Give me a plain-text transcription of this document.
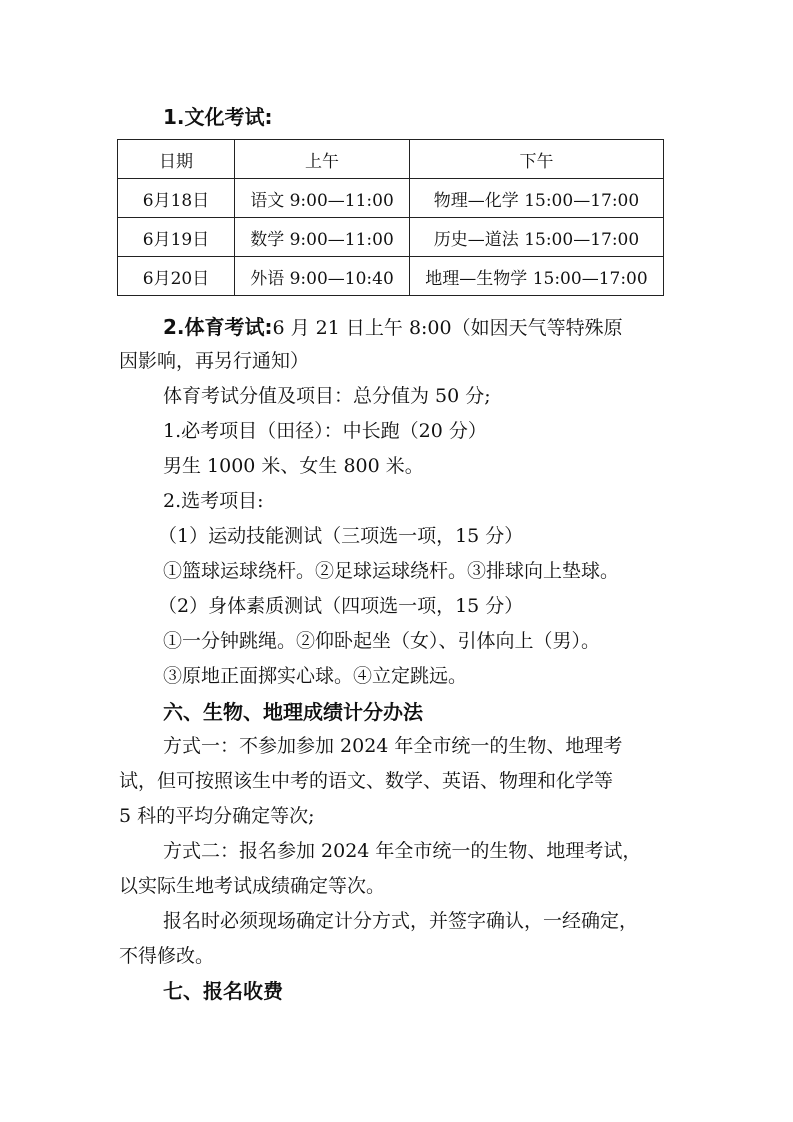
1.文化考试:
日期	上午	下午
6月18日	语文 9:00—11:00	物理—化学 15:00—17:00
6月19日	数学 9:00—11:00	历史—道法 15:00—17:00
6月20日	外语 9:00—10:40	地理—生物学 15:00—17:00
2.体育考试:6 月 21 日上午 8:00（如因天气等特殊原
因影响，再另行通知）
体育考试分值及项目：总分值为 50 分;
1.必考项目（田径）：中长跑（20 分）
男生 1000 米、女生 800 米。
2.选考项目:
（1）运动技能测试（三项选一项，15 分）
①篮球运球绕杆。②足球运球绕杆。③排球向上垫球。
（2）身体素质测试（四项选一项，15 分）
①一分钟跳绳。②仰卧起坐（女）、引体向上（男）。
③原地正面掷实心球。④立定跳远。
六、生物、地理成绩计分办法
方式一：不参加参加 2024 年全市统一的生物、地理考
试，但可按照该生中考的语文、数学、英语、物理和化学等
5 科的平均分确定等次;
方式二：报名参加 2024 年全市统一的生物、地理考试，
以实际生地考试成绩确定等次。
报名时必须现场确定计分方式，并签字确认，一经确定，
不得修改。
七、报名收费
